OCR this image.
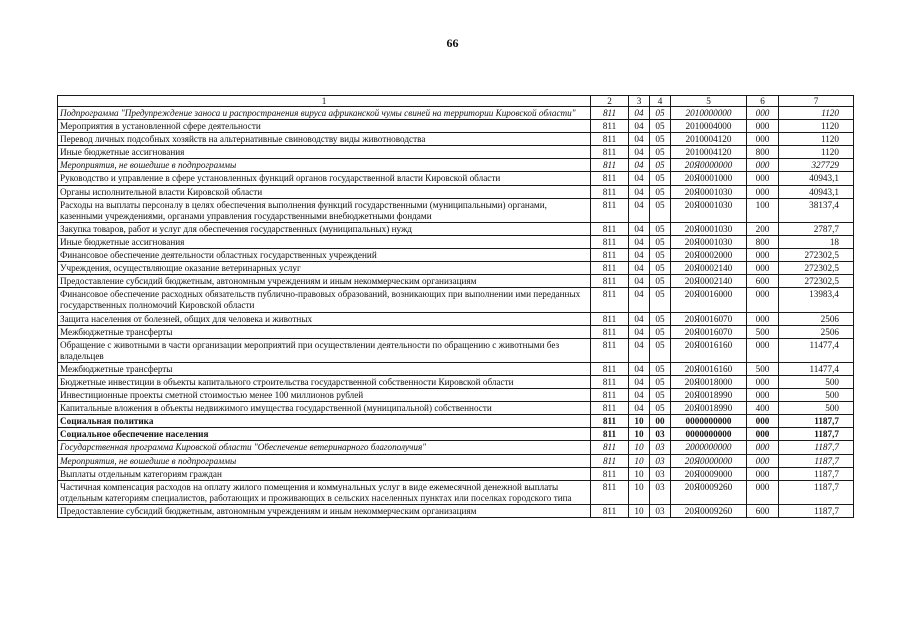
66
1	2	3	4	5	6	7
Подпрограмма "Предупреждение заноса и распространения вируса африканской чумы свиней на территории Кировской области"	811	04	05	2010000000	000	1120
Мероприятия в установленной сфере деятельности	811	04	05	2010004000	000	1120
Перевод личных подсобных хозяйств на альтернативные свиноводству виды животноводства	811	04	05	2010004120	000	1120
Иные бюджетные ассигнования	811	04	05	2010004120	800	1120
Мероприятия, не вошедшие в подпрограммы	811	04	05	20Я0000000	000	327729
Руководство и управление в сфере установленных функций органов государственной власти Кировской области	811	04	05	20Я0001000	000	40943,1
Органы исполнительной власти Кировской области	811	04	05	20Я0001030	000	40943,1
Расходы на выплаты персоналу в целях обеспечения выполнения функций государственными (муниципальными) органами, казенными учреждениями, органами управления государственными внебюджетными фондами	811	04	05	20Я0001030	100	38137,4
Закупка товаров, работ и услуг для обеспечения государственных (муниципальных) нужд	811	04	05	20Я0001030	200	2787,7
Иные бюджетные ассигнования	811	04	05	20Я0001030	800	18
Финансовое обеспечение деятельности областных государственных учреждений	811	04	05	20Я0002000	000	272302,5
Учреждения, осуществляющие оказание ветеринарных услуг	811	04	05	20Я0002140	000	272302,5
Предоставление субсидий бюджетным, автономным учреждениям и иным некоммерческим организациям	811	04	05	20Я0002140	600	272302,5
Финансовое обеспечение расходных обязательств публично-правовых образований, возникающих при выполнении ими переданных государственных полномочий Кировской области	811	04	05	20Я0016000	000	13983,4
Защита населения от болезней, общих для человека и животных	811	04	05	20Я0016070	000	2506
Межбюджетные трансферты	811	04	05	20Я0016070	500	2506
Обращение с животными в части организации мероприятий при осуществлении деятельности по обращению с животными без владельцев	811	04	05	20Я0016160	000	11477,4
Межбюджетные трансферты	811	04	05	20Я0016160	500	11477,4
Бюджетные инвестиции в объекты капитального строительства государственной собственности Кировской области	811	04	05	20Я0018000	000	500
Инвестиционные проекты сметной стоимостью менее 100 миллионов рублей	811	04	05	20Я0018990	000	500
Капитальные вложения в объекты недвижимого имущества государственной (муниципальной) собственности	811	04	05	20Я0018990	400	500
Социальная политика	811	10	00	0000000000	000	1187,7
Социальное обеспечение населения	811	10	03	0000000000	000	1187,7
Государственная программа Кировской области "Обеспечение ветеринарного благополучия"	811	10	03	2000000000	000	1187,7
Мероприятия, не вошедшие в подпрограммы	811	10	03	20Я0000000	000	1187,7
Выплаты отдельным категориям граждан	811	10	03	20Я0009000	000	1187,7
Частичная компенсация расходов на оплату жилого помещения и коммунальных услуг в виде ежемесячной денежной выплаты отдельным категориям специалистов, работающих и проживающих в сельских населенных пунктах или поселках городского типа	811	10	03	20Я0009260	000	1187,7
Предоставление субсидий бюджетным, автономным учреждениям и иным некоммерческим организациям	811	10	03	20Я0009260	600	1187,7
